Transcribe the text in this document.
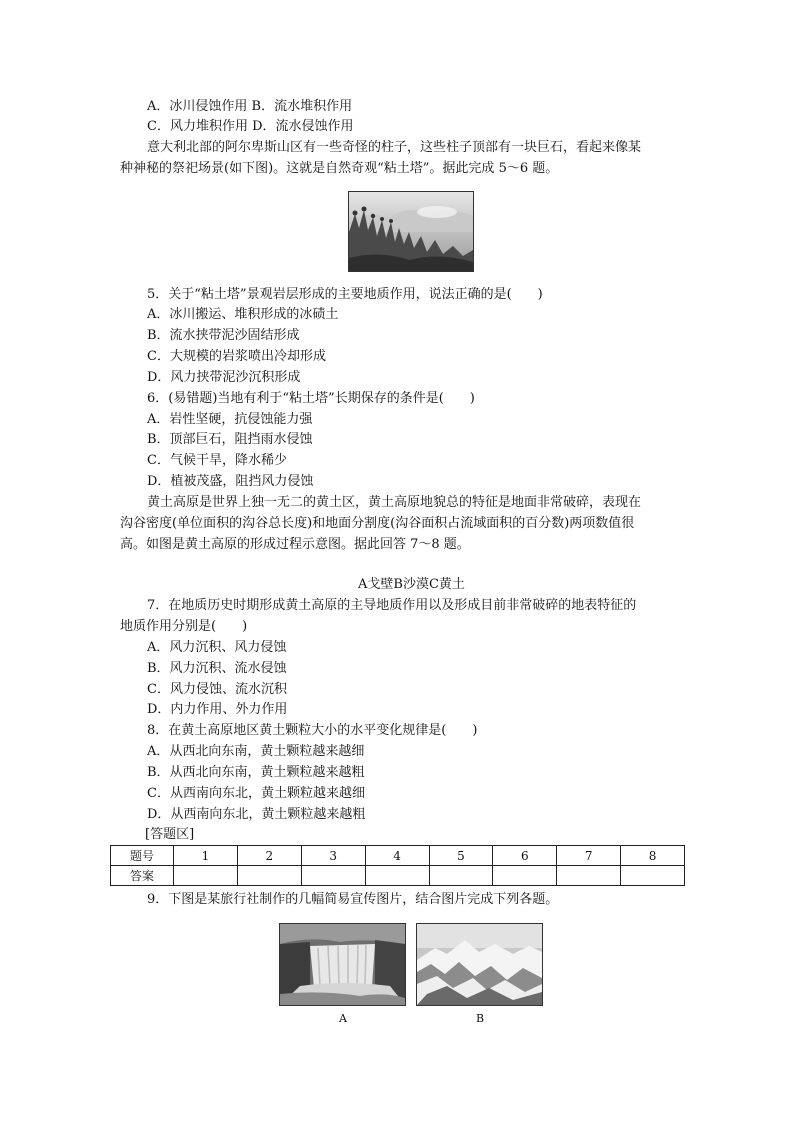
A．冰川侵蚀作用 B．流水堆积作用
C．风力堆积作用 D．流水侵蚀作用
意大利北部的阿尔卑斯山区有一些奇怪的柱子，这些柱子顶部有一块巨石，看起来像某
种神秘的祭祀场景(如下图)。这就是自然奇观“粘土塔”。据此完成 5～6 题。
5．关于“粘土塔”景观岩层形成的主要地质作用，说法正确的是(　　)
A．冰川搬运、堆积形成的冰碛土
B．流水挟带泥沙固结形成
C．大规模的岩浆喷出冷却形成
D．风力挟带泥沙沉积形成
6．(易错题)当地有利于“粘土塔”长期保存的条件是(　　)
A．岩性坚硬，抗侵蚀能力强
B．顶部巨石，阻挡雨水侵蚀
C．气候干旱，降水稀少
D．植被茂盛，阻挡风力侵蚀
黄土高原是世界上独一无二的黄土区，黄土高原地貌总的特征是地面非常破碎，表现在
沟谷密度(单位面积的沟谷总长度)和地面分割度(沟谷面积占流域面积的百分数)两项数值很
高。如图是黄土高原的形成过程示意图。据此回答 7～8 题。
A戈壁B沙漠C黄土
7．在地质历史时期形成黄土高原的主导地质作用以及形成目前非常破碎的地表特征的
地质作用分别是(　　)
A．风力沉积、风力侵蚀
B．风力沉积、流水侵蚀
C．风力侵蚀、流水沉积
D．内力作用、外力作用
8．在黄土高原地区黄土颗粒大小的水平变化规律是(　　)
A．从西北向东南，黄土颗粒越来越细
B．从西北向东南，黄土颗粒越来越粗
C．从西南向东北，黄土颗粒越来越细
D．从西南向东北，黄土颗粒越来越粗
[答题区]
题号	1	2	3	4	5	6	7	8
答案								
9．下图是某旅行社制作的几幅简易宣传图片，结合图片完成下列各题。
A	B
